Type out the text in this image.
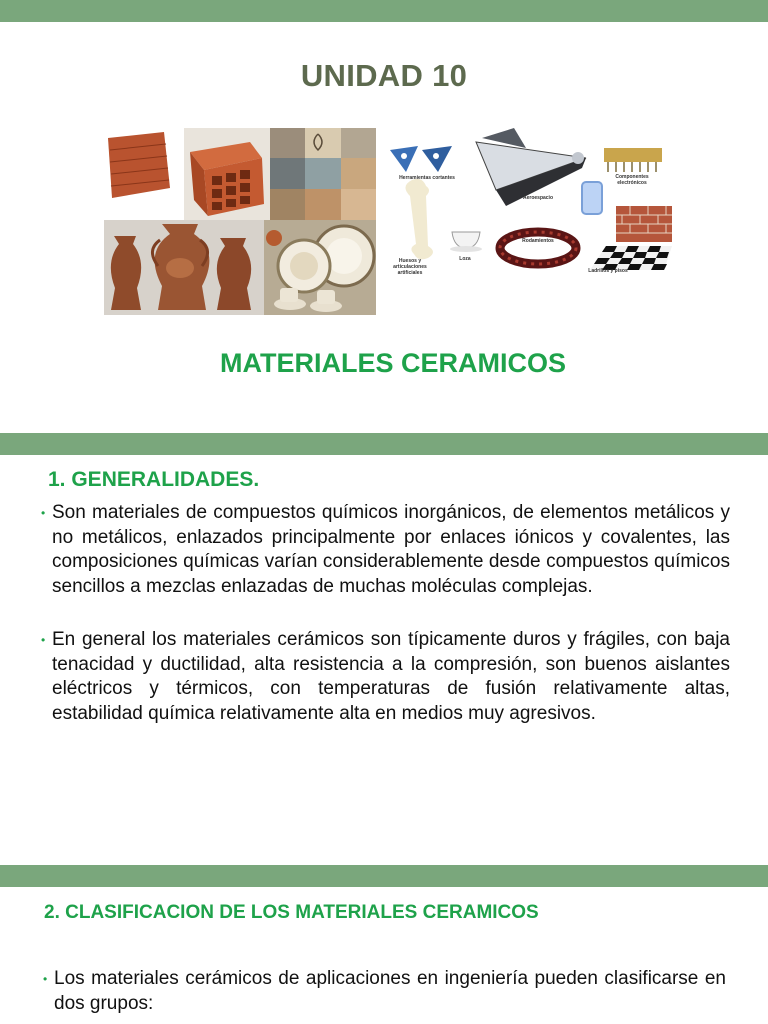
UNIDAD 10
Herramientas cortantes
Aeroespacio
Componentes electrónicos
Huesos y articulaciones artificiales
Loza
Rodamientos
Ladrillos y pisos
MATERIALES CERAMICOS
1. GENERALIDADES.
• Son materiales de compuestos químicos inorgánicos, de elementos metálicos y no metálicos, enlazados principalmente por enlaces iónicos y covalentes, las composiciones químicas varían considerablemente desde compuestos químicos sencillos a mezclas enlazadas de muchas moléculas complejas.
• En general los materiales cerámicos son típicamente duros y frágiles, con baja tenacidad y ductilidad, alta resistencia a la compresión, son buenos aislantes eléctricos y térmicos, con temperaturas de fusión relativamente altas, estabilidad química relativamente alta en medios muy agresivos.
2. CLASIFICACION DE LOS MATERIALES CERAMICOS
• Los materiales cerámicos de aplicaciones en ingeniería pueden clasificarse en dos grupos:
